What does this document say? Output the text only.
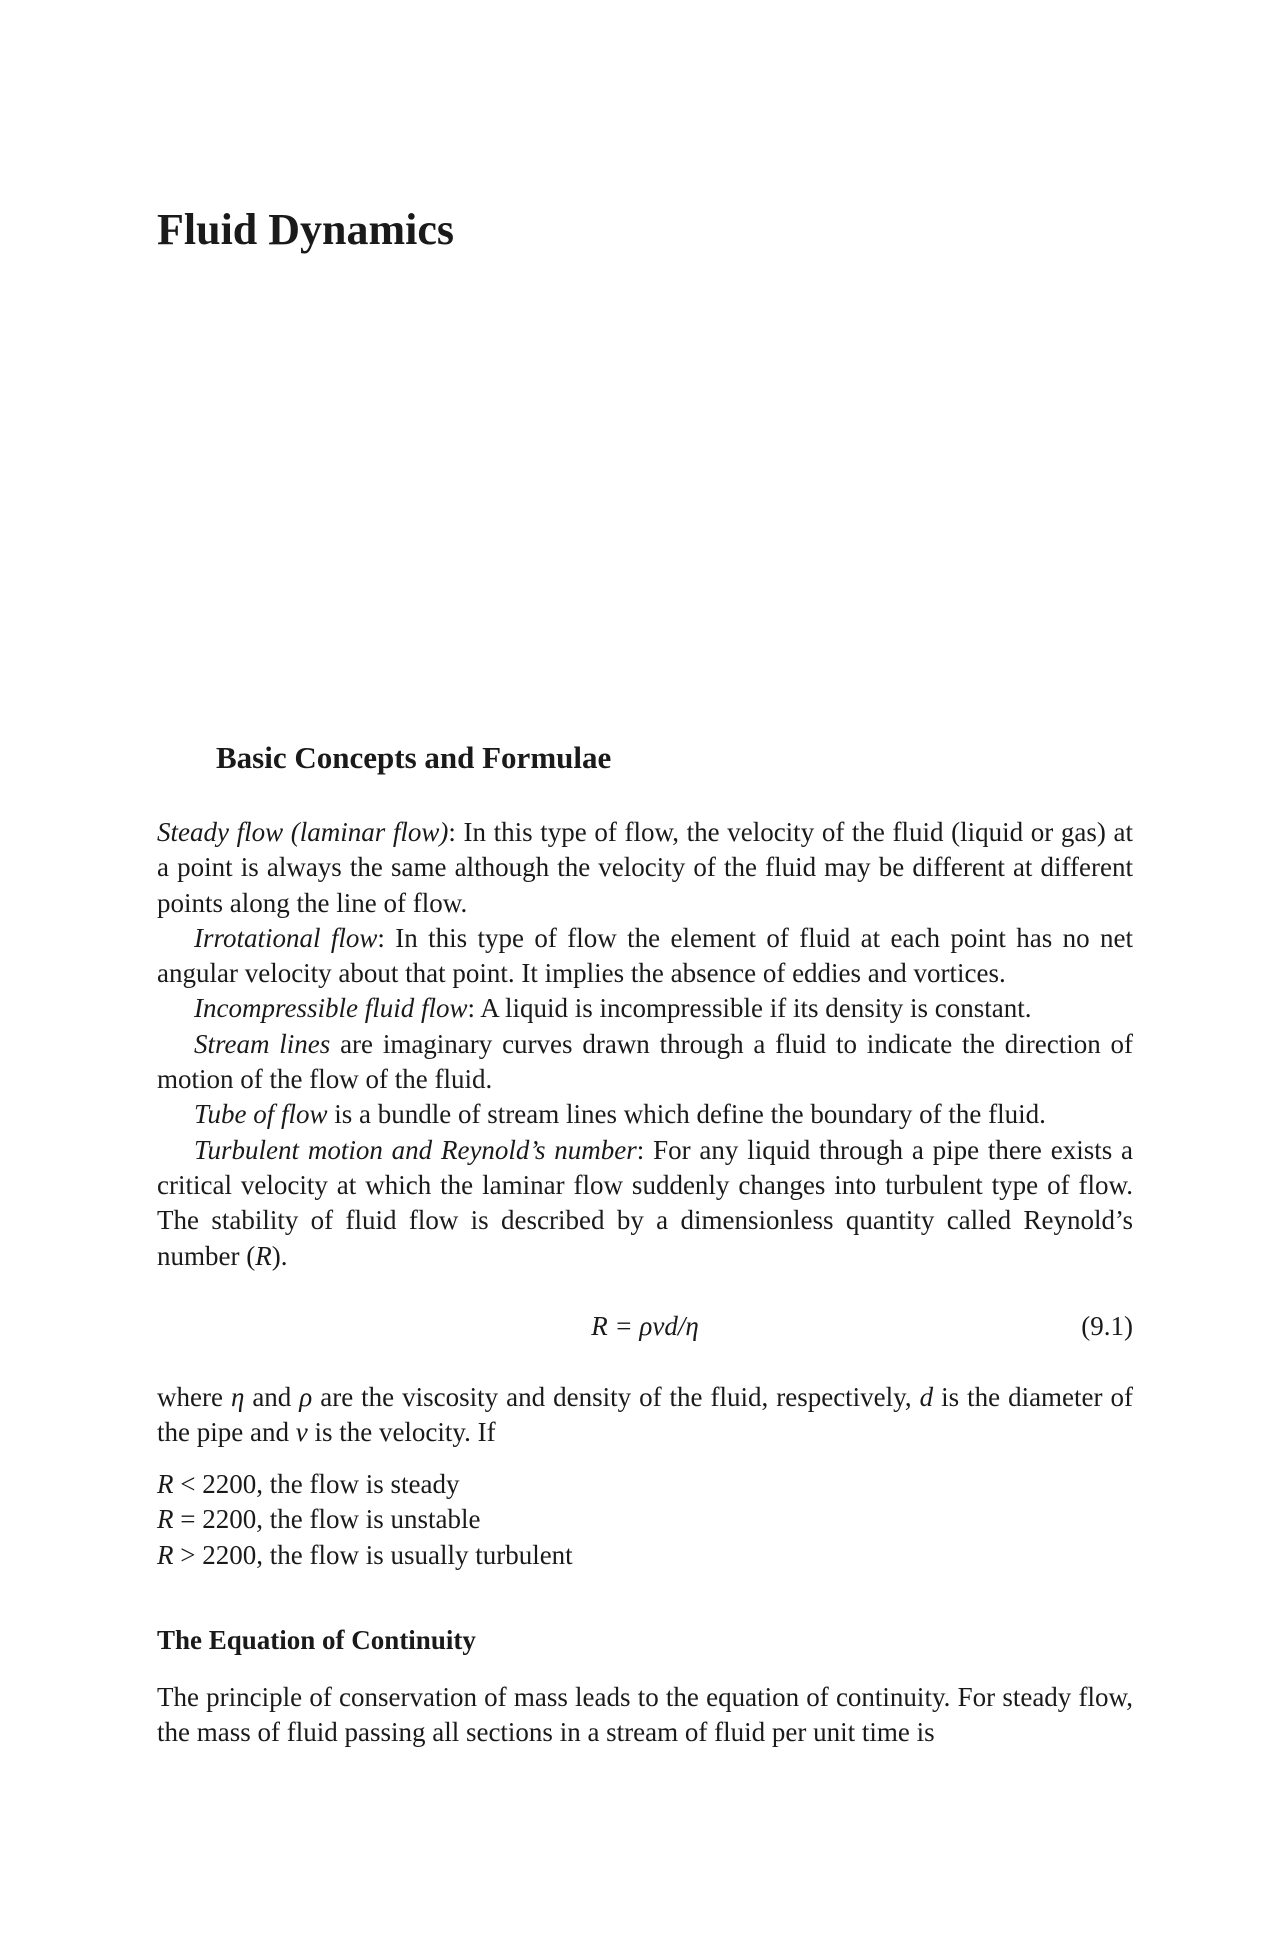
Fluid Dynamics
Basic Concepts and Formulae

Steady flow (laminar flow): In this type of flow, the velocity of the fluid (liquid or gas) at a point is always the same although the velocity of the fluid may be different at different points along the line of flow.

Irrotational flow: In this type of flow the element of fluid at each point has no net angular velocity about that point. It implies the absence of eddies and vortices.

Incompressible fluid flow: A liquid is incompressible if its density is constant.

Stream lines are imaginary curves drawn through a fluid to indicate the direction of motion of the flow of the fluid.

Tube of flow is a bundle of stream lines which define the boundary of the fluid.

Turbulent motion and Reynold’s number: For any liquid through a pipe there exists a critical velocity at which the laminar flow suddenly changes into turbulent type of flow. The stability of fluid flow is described by a dimensionless quantity called Reynold’s number (R).

R = ρvd/η	(9.1)

where η and ρ are the viscosity and density of the fluid, respectively, d is the diameter of the pipe and v is the velocity. If

R < 2200, the flow is steady
R = 2200, the flow is unstable
R > 2200, the flow is usually turbulent
The Equation of Continuity

The principle of conservation of mass leads to the equation of continuity. For steady flow, the mass of fluid passing all sections in a stream of fluid per unit time is
